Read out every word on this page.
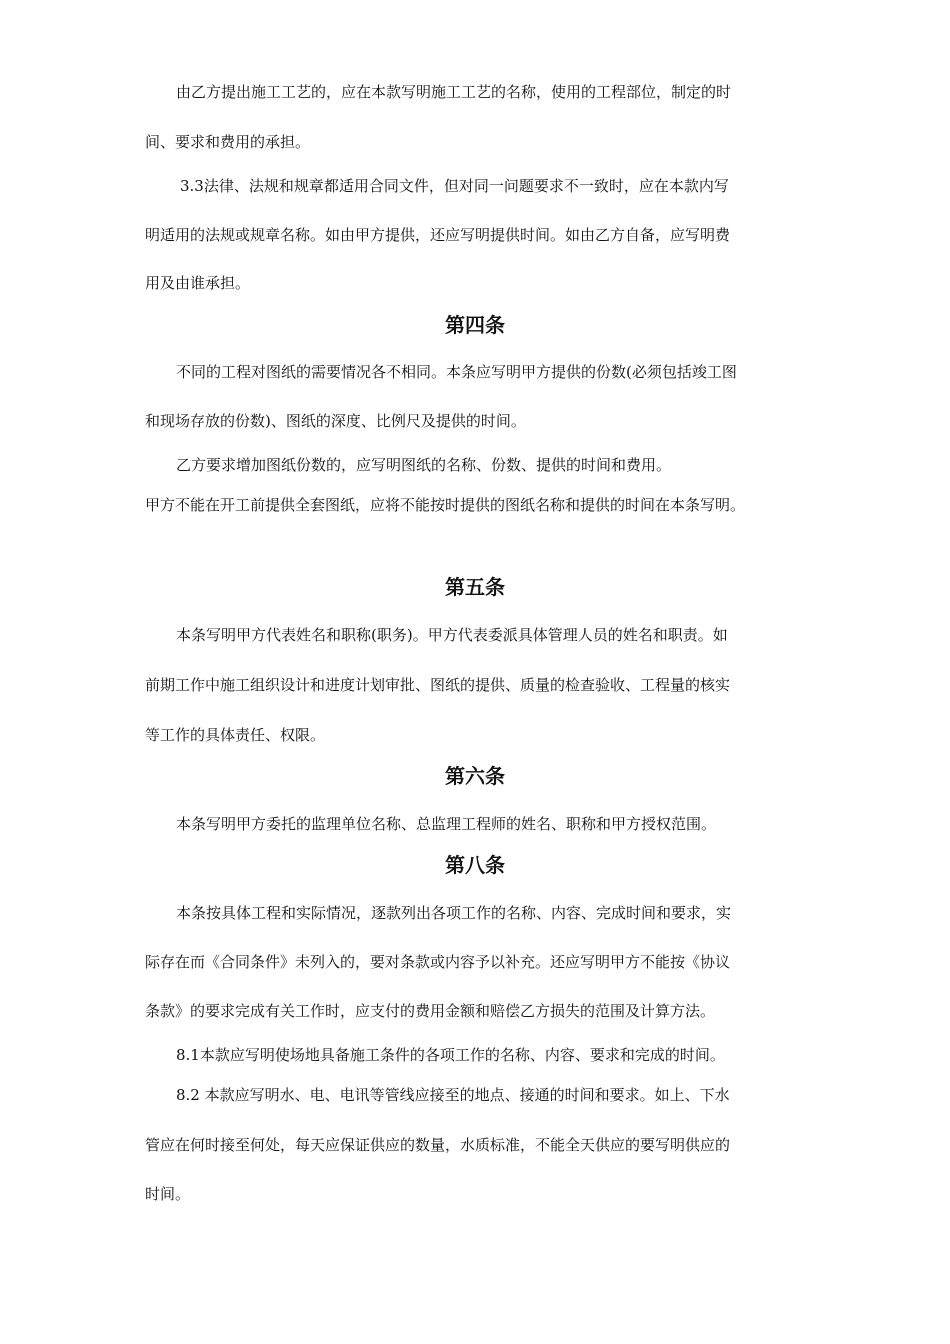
由乙方提出施工工艺的，应在本款写明施工工艺的名称，使用的工程部位，制定的时

间、要求和费用的承担。

3.3法律、法规和规章都适用合同文件，但对同一问题要求不一致时，应在本款内写

明适用的法规或规章名称。如由甲方提供，还应写明提供时间。如由乙方自备，应写明费

用及由谁承担。

第四条

不同的工程对图纸的需要情况各不相同。本条应写明甲方提供的份数(必须包括竣工图

和现场存放的份数)、图纸的深度、比例尺及提供的时间。

乙方要求增加图纸份数的，应写明图纸的名称、份数、提供的时间和费用。

甲方不能在开工前提供全套图纸，应将不能按时提供的图纸名称和提供的时间在本条写明。

第五条

本条写明甲方代表姓名和职称(职务)。甲方代表委派具体管理人员的姓名和职责。如

前期工作中施工组织设计和进度计划审批、图纸的提供、质量的检查验收、工程量的核实

等工作的具体责任、权限。

第六条

本条写明甲方委托的监理单位名称、总监理工程师的姓名、职称和甲方授权范围。

第八条

本条按具体工程和实际情况，逐款列出各项工作的名称、内容、完成时间和要求，实

际存在而《合同条件》未列入的，要对条款或内容予以补充。还应写明甲方不能按《协议

条款》的要求完成有关工作时，应支付的费用金额和赔偿乙方损失的范围及计算方法。

8.1本款应写明使场地具备施工条件的各项工作的名称、内容、要求和完成的时间。

8.2 本款应写明水、电、电讯等管线应接至的地点、接通的时间和要求。如上、下水

管应在何时接至何处，每天应保证供应的数量，水质标准，不能全天供应的要写明供应的

时间。
